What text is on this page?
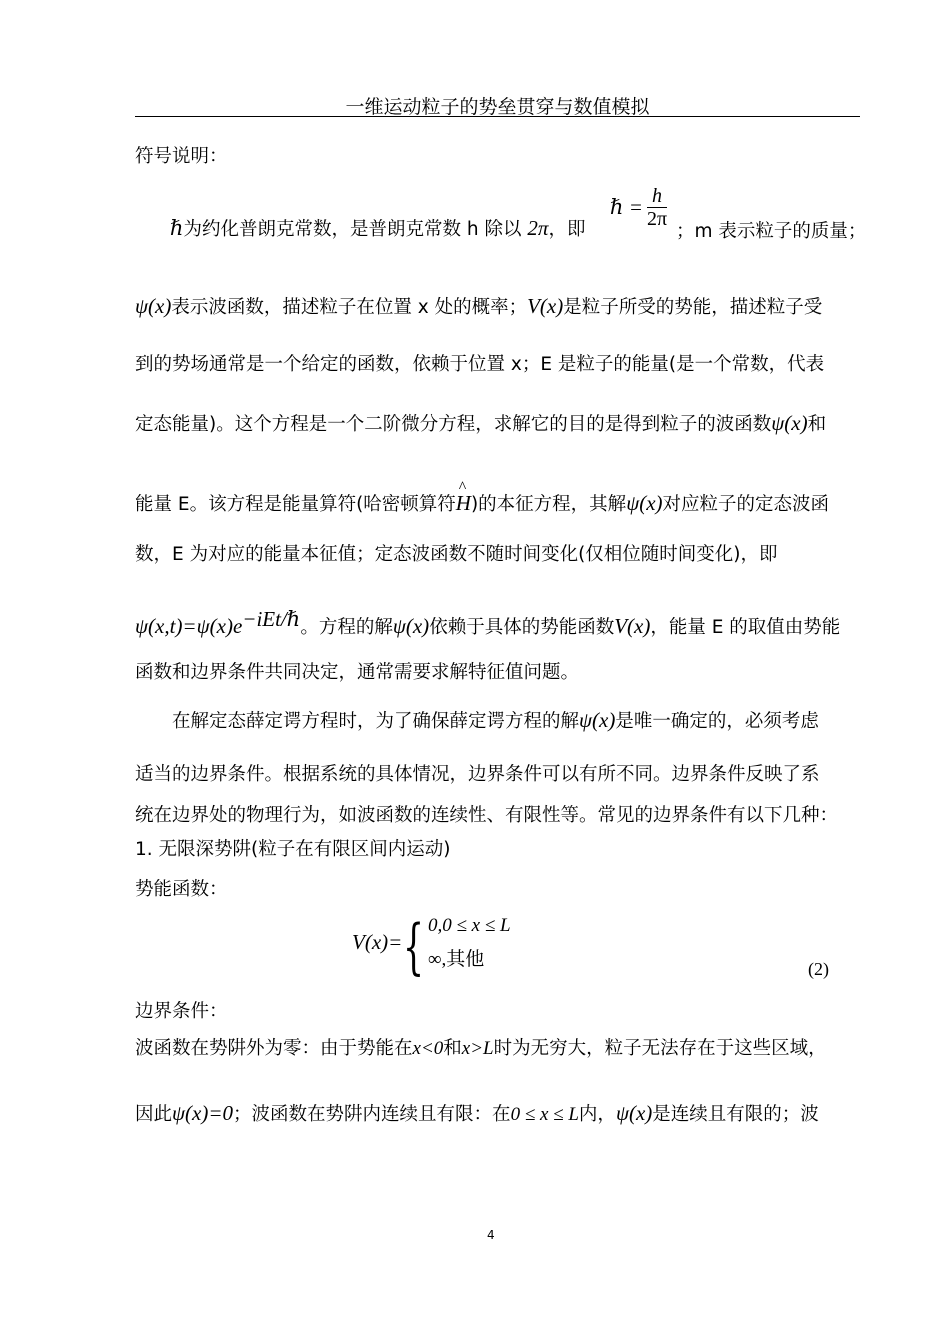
一维运动粒子的势垒贯穿与数值模拟
符号说明：
ℏ为约化普朗克常数，是普朗克常数 h 除以 2π，即
ℏ = $\frac{h}{2\pi}$
；m 表示粒子的质量；
ψ(x)表示波函数，描述粒子在位置 x 处的概率；V(x)是粒子所受的势能，描述粒子受
到的势场通常是一个给定的函数，依赖于位置 x；E 是粒子的能量(是一个常数，代表
定态能量)。这个方程是一个二阶微分方程，求解它的目的是得到粒子的波函数ψ(x)和
能量 E。该方程是能量算符(哈密顿算符^ H)的本征方程，其解ψ(x)对应粒子的定态波函
数，E 为对应的能量本征值；定态波函数不随时间变化(仅相位随时间变化)，即
$\psi(x,t)=\psi(x)e^{-iEt/\hbar}$。方程的解ψ(x)依赖于具体的势能函数V(x)，能量 E 的取值由势能
函数和边界条件共同决定，通常需要求解特征值问题。
在解定态薛定谔方程时，为了确保薛定谔方程的解ψ(x)是唯一确定的，必须考虑
适当的边界条件。根据系统的具体情况，边界条件可以有所不同。边界条件反映了系
统在边界处的物理行为，如波函数的连续性、有限性等。常见的边界条件有以下几种：
1. 无限深势阱(粒子在有限区间内运动)
势能函数：
V(x)= { 0,0 ≤ x ≤ L
∞,其他	(2)
边界条件：
波函数在势阱外为零：由于势能在x<0和x>L时为无穷大，粒子无法存在于这些区域，
因此ψ(x)=0；波函数在势阱内连续且有限：在0 ≤ x ≤ L内，ψ(x)是连续且有限的；波
4
